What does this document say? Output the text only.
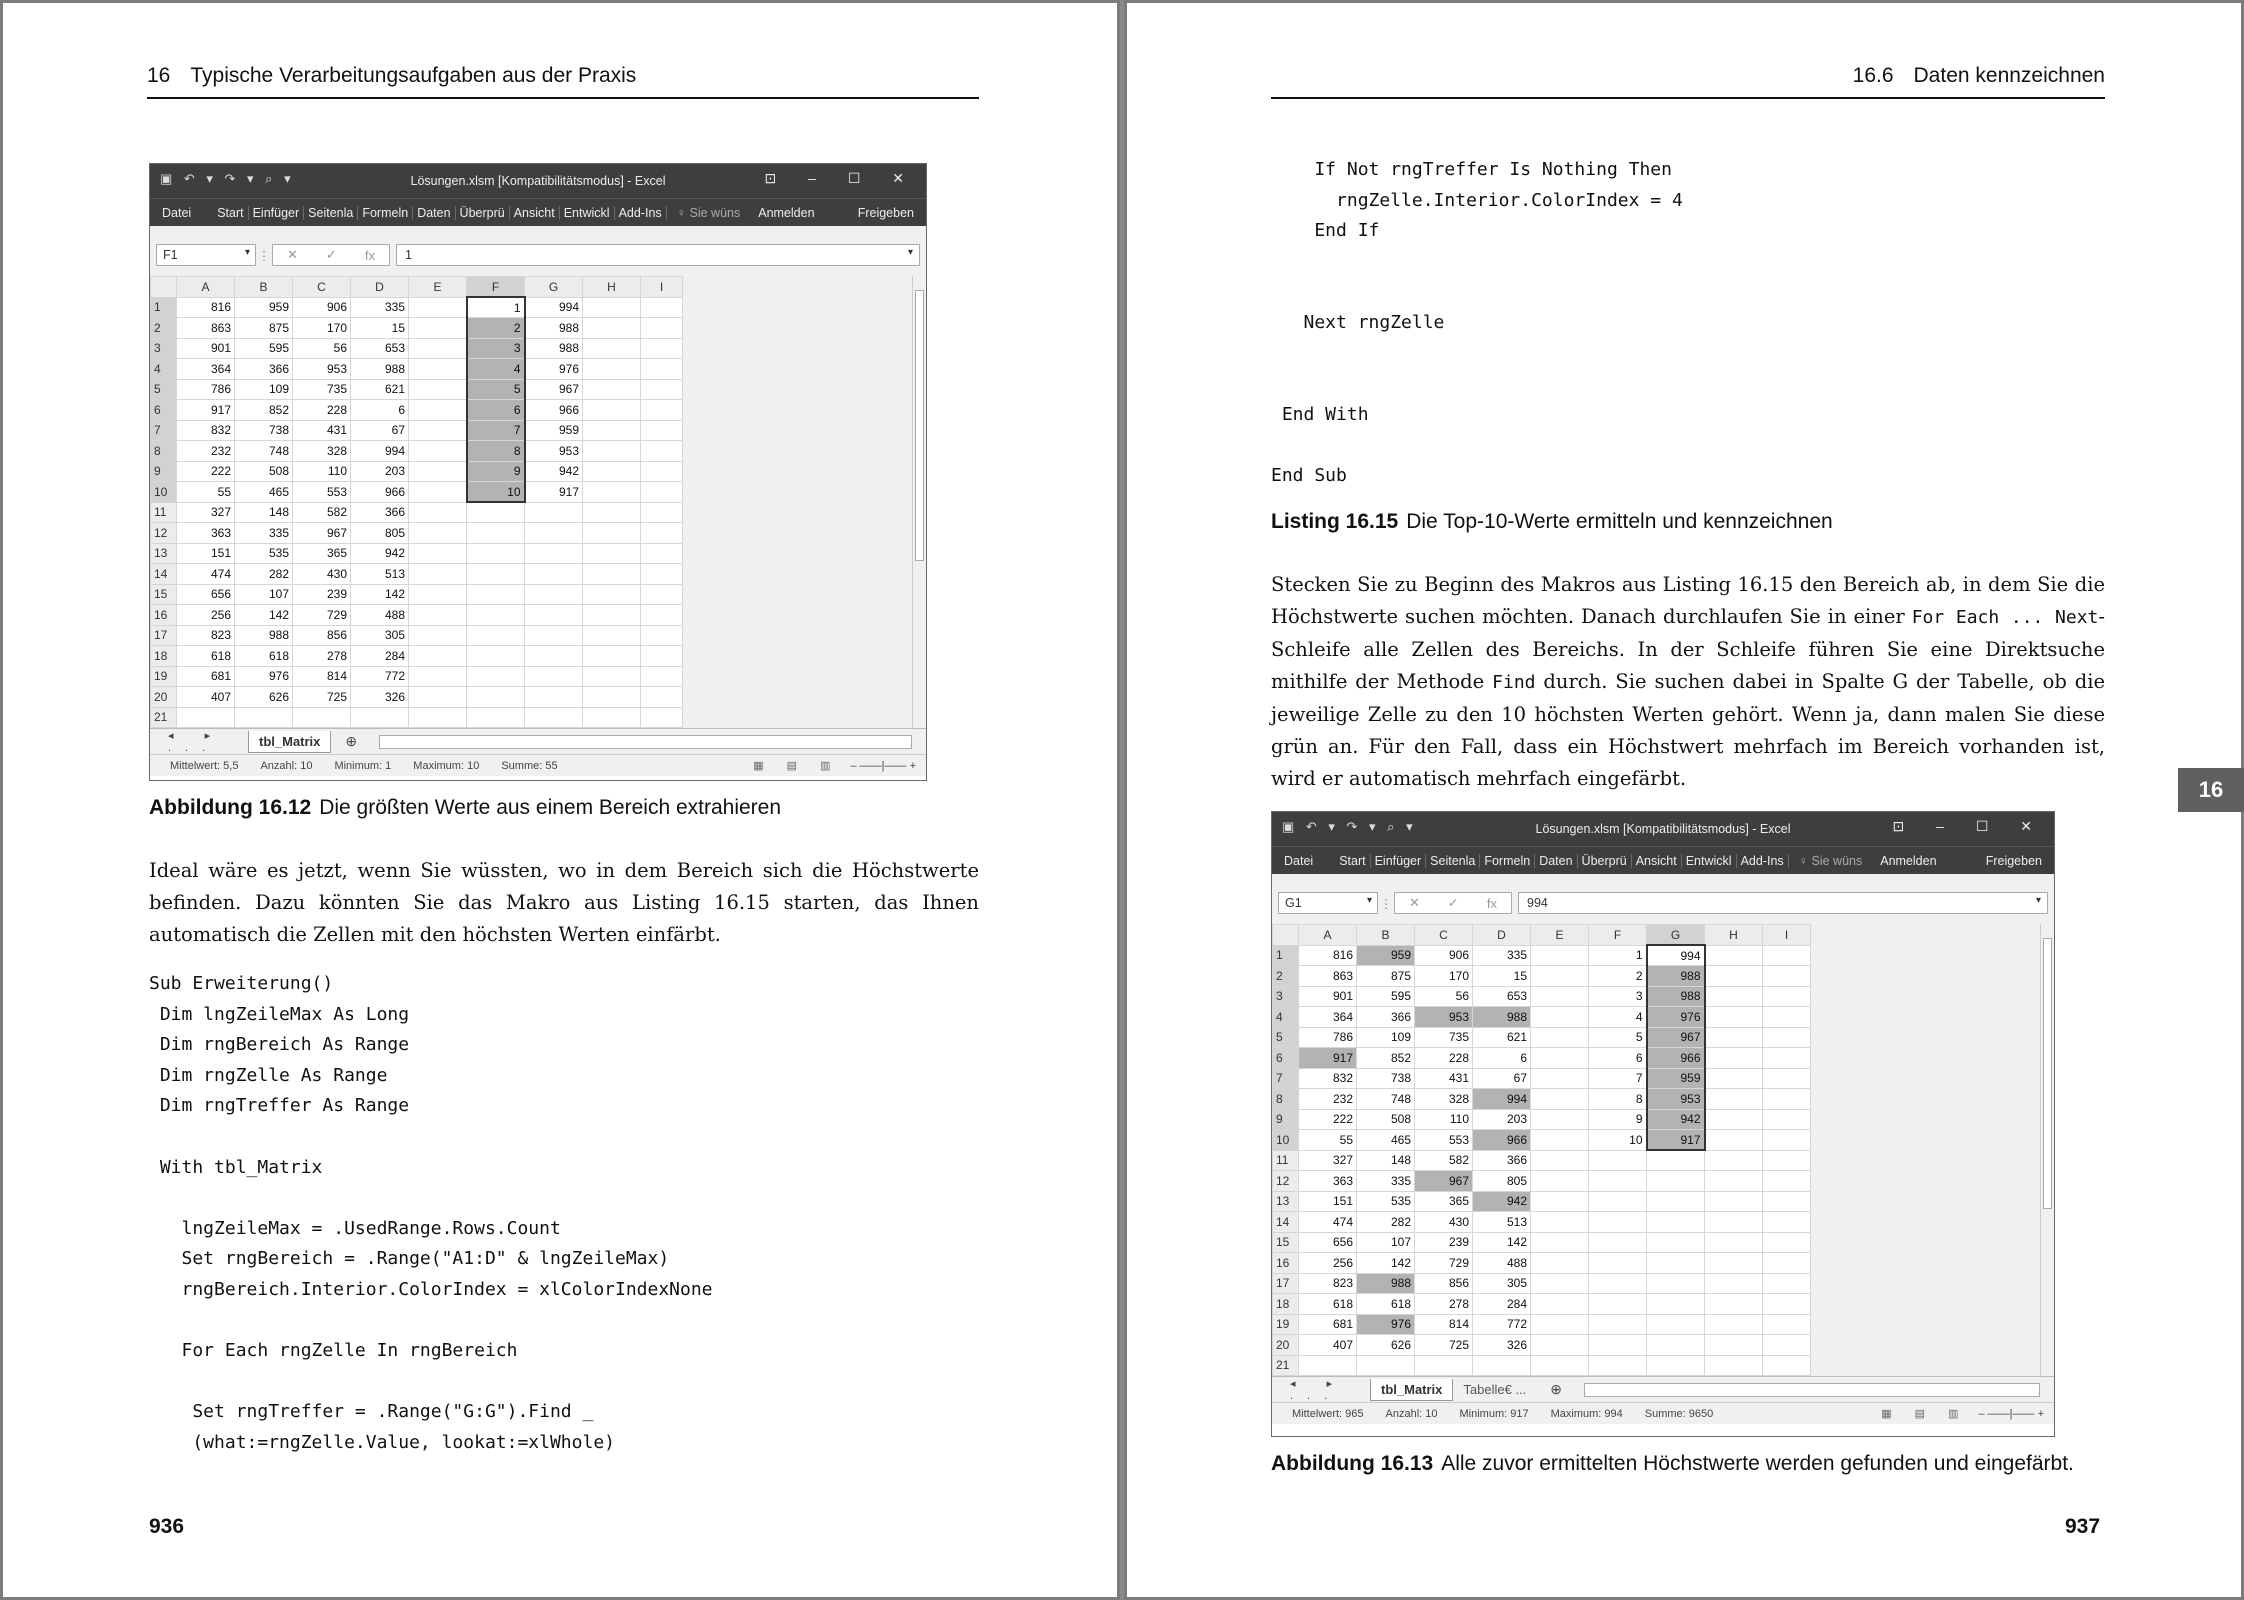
16 Typische Verarbeitungsaufgaben aus der Praxis
▣ ↶ ▾ ↷ ▾ ⌕ ▾	Lösungen.xlsm [Kompatibilitätsmodus] - Excel	⊡ – ☐ ✕
Datei	Start Einfüger Seitenla Formeln Daten Überprü Ansicht Entwickl Add-Ins	♀ Sie wüns	Anmelden	Freigeben
F1 ▾	⋮ ✕ ✓ fx	1 ▾
	A	B	C	D	E	F	G	H	I
1	816	959	906	335		1	994		
2	863	875	170	15		2	988		
3	901	595	56	653		3	988		
4	364	366	953	988		4	976		
5	786	109	735	621		5	967		
6	917	852	228	6		6	966		
7	832	738	431	67		7	959		
8	232	748	328	994		8	953		
9	222	508	110	203		9	942		
10	55	465	553	966		10	917		
11	327	148	582	366					
12	363	335	967	805					
13	151	535	365	942					
14	474	282	430	513					
15	656	107	239	142					
16	256	142	729	488					
17	823	988	856	305					
18	618	618	278	284					
19	681	976	814	772					
20	407	626	725	326					
21									
◂ ▸ ...	tbl_Matrix	⊕
Mittelwert: 5,5 Anzahl: 10 Minimum: 1 Maximum: 10 Summe: 55	▦ ▤ ▥ – ——|—— +
Abbildung 16.12 Die größten Werte aus einem Bereich extrahieren
Ideal wäre es jetzt, wenn Sie wüssten, wo in dem Bereich sich die Höchstwerte befinden. Dazu könnten Sie das Makro aus Listing 16.15 starten, das Ihnen automatisch die Zellen mit den höchsten Werten einfärbt.
Sub Erweiterung()
Dim lngZeileMax As Long
Dim rngBereich As Range
Dim rngZelle As Range
Dim rngTreffer As Range

With tbl_Matrix

lngZeileMax = .UsedRange.Rows.Count
Set rngBereich = .Range("A1:D" & lngZeileMax)
rngBereich.Interior.ColorIndex = xlColorIndexNone

For Each rngZelle In rngBereich

Set rngTreffer = .Range("G:G").Find _
(what:=rngZelle.Value, lookat:=xlWhole)
936
16.6 Daten kennzeichnen
If Not rngTreffer Is Nothing Then
rngZelle.Interior.ColorIndex = 4
End If

Next rngZelle

End With

End Sub
Listing 16.15 Die Top-10-Werte ermitteln und kennzeichnen
Stecken Sie zu Beginn des Makros aus Listing 16.15 den Bereich ab, in dem Sie die Höchstwerte suchen möchten. Danach durchlaufen Sie in einer For Each ... Next-Schleife alle Zellen des Bereichs. In der Schleife führen Sie eine Direktsuche mithilfe der Methode Find durch. Sie suchen dabei in Spalte G der Tabelle, ob die jeweilige Zelle zu den 10 höchsten Werten gehört. Wenn ja, dann malen Sie diese grün an. Für den Fall, dass ein Höchstwert mehrfach im Bereich vorhanden ist, wird er automatisch mehrfach eingefärbt.
▣ ↶ ▾ ↷ ▾ ⌕ ▾	Lösungen.xlsm [Kompatibilitätsmodus] - Excel	⊡ – ☐ ✕
Datei	Start Einfüger Seitenla Formeln Daten Überprü Ansicht Entwickl Add-Ins	♀ Sie wüns	Anmelden	Freigeben
G1 ▾	⋮ ✕ ✓ fx	994 ▾
	A	B	C	D	E	F	G	H	I
1	816	959	906	335		1	994		
2	863	875	170	15		2	988		
3	901	595	56	653		3	988		
4	364	366	953	988		4	976		
5	786	109	735	621		5	967		
6	917	852	228	6		6	966		
7	832	738	431	67		7	959		
8	232	748	328	994		8	953		
9	222	508	110	203		9	942		
10	55	465	553	966		10	917		
11	327	148	582	366					
12	363	335	967	805					
13	151	535	365	942					
14	474	282	430	513					
15	656	107	239	142					
16	256	142	729	488					
17	823	988	856	305					
18	618	618	278	284					
19	681	976	814	772					
20	407	626	725	326					
21									
◂ ▸ ...	tbl_Matrix	Tabelle€ ...	⊕
Mittelwert: 965 Anzahl: 10 Minimum: 917 Maximum: 994 Summe: 9650	▦ ▤ ▥ – ——|—— +
Abbildung 16.13 Alle zuvor ermittelten Höchstwerte werden gefunden und eingefärbt.
937
16
